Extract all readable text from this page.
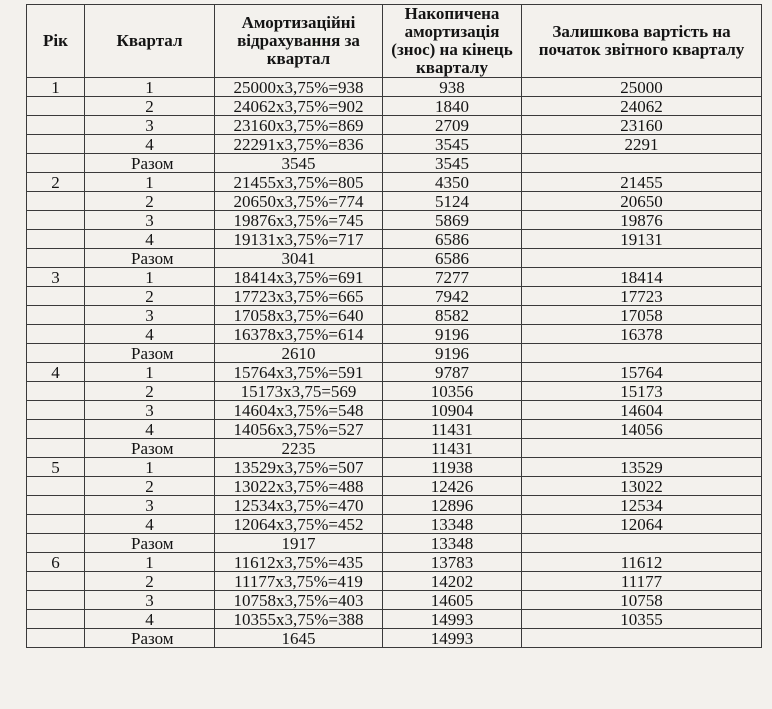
Рік	Квартал	Амортизаційні відрахування за квартал	Накопичена амортизація (знос) на кінець кварталу	Залишкова вартість на початок звітного кварталу
1	1	25000х3,75%=938	938	25000
	2	24062х3,75%=902	1840	24062
	3	23160х3,75%=869	2709	23160
	4	22291х3,75%=836	3545	2291
	Разом	3545	3545	
2	1	21455х3,75%=805	4350	21455
	2	20650х3,75%=774	5124	20650
	3	19876х3,75%=745	5869	19876
	4	19131х3,75%=717	6586	19131
	Разом	3041	6586	
3	1	18414х3,75%=691	7277	18414
	2	17723х3,75%=665	7942	17723
	3	17058х3,75%=640	8582	17058
	4	16378х3,75%=614	9196	16378
	Разом	2610	9196	
4	1	15764х3,75%=591	9787	15764
	2	15173х3,75=569	10356	15173
	3	14604х3,75%=548	10904	14604
	4	14056х3,75%=527	11431	14056
	Разом	2235	11431	
5	1	13529х3,75%=507	11938	13529
	2	13022х3,75%=488	12426	13022
	3	12534х3,75%=470	12896	12534
	4	12064х3,75%=452	13348	12064
	Разом	1917	13348	
6	1	11612х3,75%=435	13783	11612
	2	11177х3,75%=419	14202	11177
	3	10758х3,75%=403	14605	10758
	4	10355х3,75%=388	14993	10355
	Разом	1645	14993	
